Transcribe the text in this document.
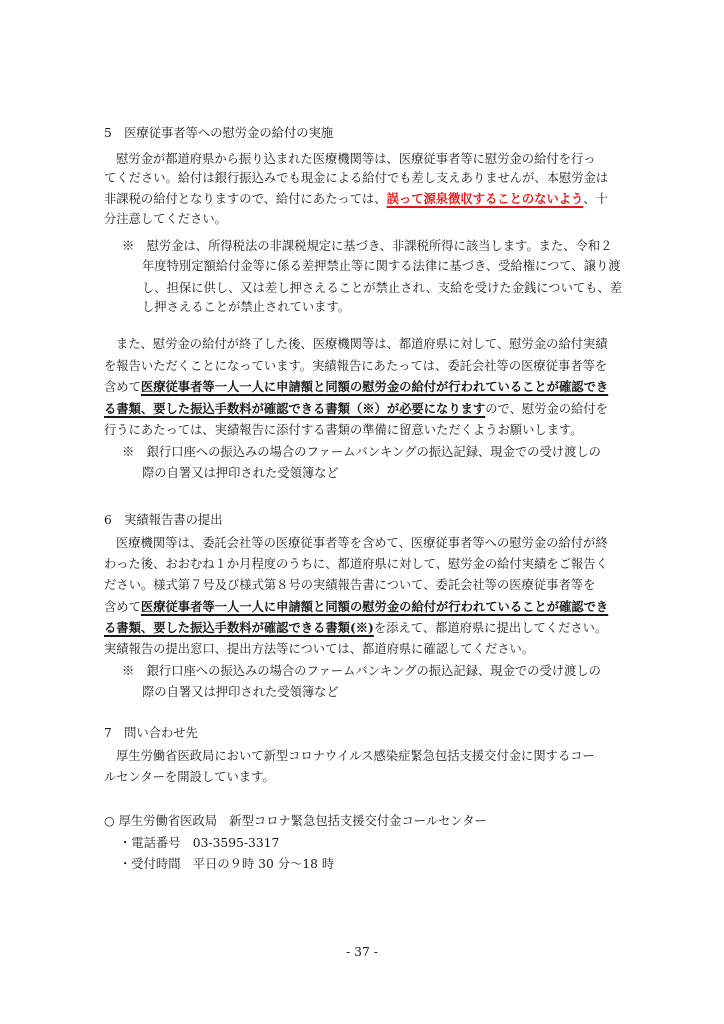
5　医療従事者等への慰労金の給付の実施
慰労金が都道府県から振り込まれた医療機関等は、医療従事者等に慰労金の給付を行っ
てください。給付は銀行振込みでも現金による給付でも差し支えありませんが、本慰労金は
非課税の給付となりますので、給付にあたっては、誤って源泉徴収することのないよう、十
分注意してください。
※　慰労金は、所得税法の非課税規定に基づき、非課税所得に該当します。また、令和２
年度特別定額給付金等に係る差押禁止等に関する法律に基づき、受給権につて、譲り渡
し、担保に供し、又は差し押さえることが禁止され、支給を受けた金銭についても、差
し押さえることが禁止されています。
また、慰労金の給付が終了した後、医療機関等は、都道府県に対して、慰労金の給付実績
を報告いただくことになっています。実績報告にあたっては、委託会社等の医療従事者等を
含めて医療従事者等一人一人に申請額と同額の慰労金の給付が行われていることが確認でき
る書類、要した振込手数料が確認できる書類（※）が必要になりますので、慰労金の給付を
行うにあたっては、実績報告に添付する書類の準備に留意いただくようお願いします。
※　銀行口座への振込みの場合のファームバンキングの振込記録、現金での受け渡しの
際の自署又は押印された受領簿など
6　実績報告書の提出
医療機関等は、委託会社等の医療従事者等を含めて、医療従事者等への慰労金の給付が終
わった後、おおむね１か月程度のうちに、都道府県に対して、慰労金の給付実績をご報告く
ださい。様式第７号及び様式第８号の実績報告書について、委託会社等の医療従事者等を
含めて医療従事者等一人一人に申請額と同額の慰労金の給付が行われていることが確認でき
る書類、要した振込手数料が確認できる書類(※)を添えて、都道府県に提出してください。
実績報告の提出窓口、提出方法等については、都道府県に確認してください。
※　銀行口座への振込みの場合のファームバンキングの振込記録、現金での受け渡しの
際の自署又は押印された受領簿など
7　問い合わせ先
厚生労働省医政局において新型コロナウイルス感染症緊急包括支援交付金に関するコー
ルセンターを開設しています。
○ 厚生労働省医政局　新型コロナ緊急包括支援交付金コールセンター
・電話番号　03-3595-3317
・受付時間　平日の９時 30 分～18 時
- 37 -
